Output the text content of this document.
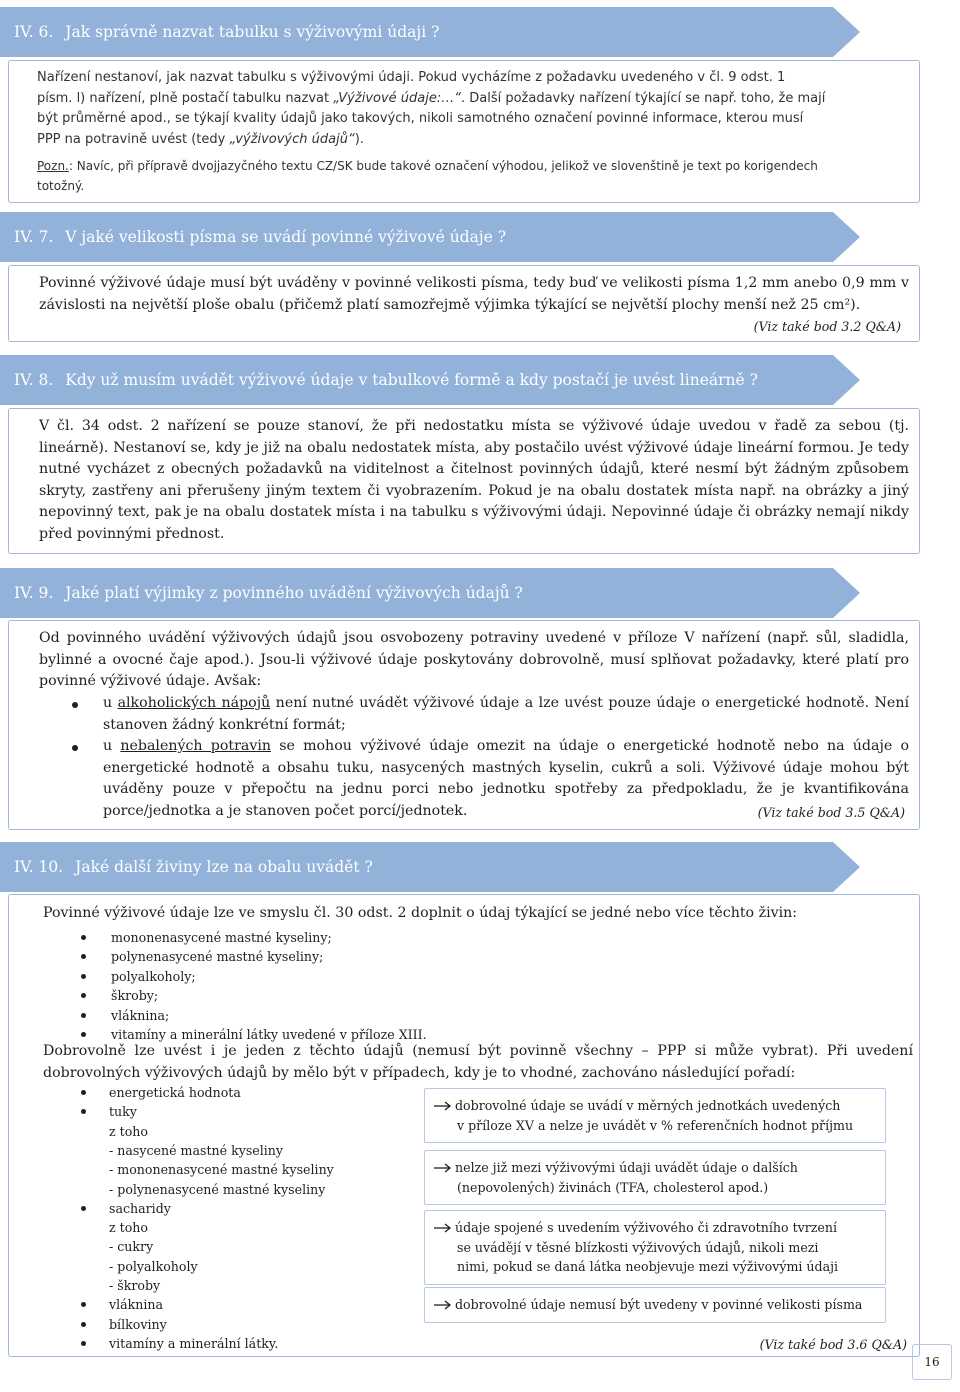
IV. 6. Jak správně nazvat tabulku s výživovými údaji ?
Nařízení nestanoví, jak nazvat tabulku s výživovými údaji. Pokud vycházíme z požadavku uvedeného v čl. 9 odst. 1
písm. l) nařízení, plně postačí tabulku nazvat „Výživové údaje:…“. Další požadavky nařízení týkající se např. toho, že mají
být průměrné apod., se týkají kvality údajů jako takových, nikoli samotného označení povinné informace, kterou musí
PPP na potravině uvést (tedy „výživových údajů“).
Pozn.: Navíc, při přípravě dvojjazyčného textu CZ/SK bude takové označení výhodou, jelikož ve slovenštině je text po korigendech
totožný.
IV. 7. V jaké velikosti písma se uvádí povinné výživové údaje ?

Povinné výživové údaje musí být uváděny v povinné velikosti písma, tedy buď ve velikosti písma 1,2 mm anebo 0,9 mm v závislosti na největší ploše obalu (přičemž platí samozřejmě výjimka týkající se největší plochy menší než 25 cm²).

(Viz také bod 3.2 Q&A)
IV. 8. Kdy už musím uvádět výživové údaje v tabulkové formě a kdy postačí je uvést lineárně ?

V čl. 34 odst. 2 nařízení se pouze stanoví, že při nedostatku místa se výživové údaje uvedou v řadě za sebou (tj. lineárně). Nestanoví se, kdy je již na obalu nedostatek místa, aby postačilo uvést výživové údaje lineární formou. Je tedy nutné vycházet z obecných požadavků na viditelnost a čitelnost povinných údajů, které nesmí být žádným způsobem skryty, zastřeny ani přerušeny jiným textem či vyobrazením. Pokud je na obalu dostatek místa např. na obrázky a jiný nepovinný text, pak je na obalu dostatek místa i na tabulku s výživovými údaji. Nepovinné údaje či obrázky nemají nikdy před povinnými přednost.

IV. 9. Jaké platí výjimky z povinného uvádění výživových údajů ?

Od povinného uvádění výživových údajů jsou osvobozeny potraviny uvedené v příloze V nařízení (např. sůl, sladidla, bylinné a ovocné čaje apod.). Jsou-li výživové údaje poskytovány dobrovolně, musí splňovat požadavky, které platí pro povinné výživové údaje. Avšak:

u alkoholických nápojů není nutné uvádět výživové údaje a lze uvést pouze údaje o energetické hodnotě. Není stanoven žádný konkrétní formát;
u nebalených potravin se mohou výživové údaje omezit na údaje o energetické hodnotě nebo na údaje o energetické hodnotě a obsahu tuku, nasycených mastných kyselin, cukrů a soli. Výživové údaje mohou být uváděny pouze v přepočtu na jednu porci nebo jednotku spotřeby za předpokladu, že je kvantifikována porce/jednotka a je stanoven počet porcí/jednotek.	(Viz také bod 3.5 Q&A)
IV. 10. Jaké další živiny lze na obalu uvádět ?

Povinné výživové údaje lze ve smyslu čl. 30 odst. 2 doplnit o údaj týkající se jedné nebo více těchto živin:

mononenasycené mastné kyseliny;
polynenasycené mastné kyseliny;
polyalkoholy;
škroby;
vláknina;
vitamíny a minerální látky uvedené v příloze XIII.

Dobrovolně lze uvést i je jeden z těchto údajů (nemusí být povinně všechny – PPP si může vybrat). Při uvedení dobrovolných výživových údajů by mělo být v případech, kdy je to vhodné, zachováno následující pořadí:

energetická hodnota
tuky
z toho
- nasycené mastné kyseliny
- mononenasycené mastné kyseliny
- polynenasycené mastné kyseliny
sacharidy
z toho
- cukry
- polyalkoholy
- škroby
vláknina
bílkoviny
vitamíny a minerální látky.
dobrovolné údaje se uvádí v měrných jednotkách uvedených
v příloze XV a nelze je uvádět v % referenčních hodnot příjmu
nelze již mezi výživovými údaji uvádět údaje o dalších
(nepovolených) živinách (TFA, cholesterol apod.)
údaje spojené s uvedením výživového či zdravotního tvrzení
se uvádějí v těsné blízkosti výživových údajů, nikoli mezi
nimi, pokud se daná látka neobjevuje mezi výživovými údaji
dobrovolné údaje nemusí být uvedeny v povinné velikosti písma
(Viz také bod 3.6 Q&A)
16
